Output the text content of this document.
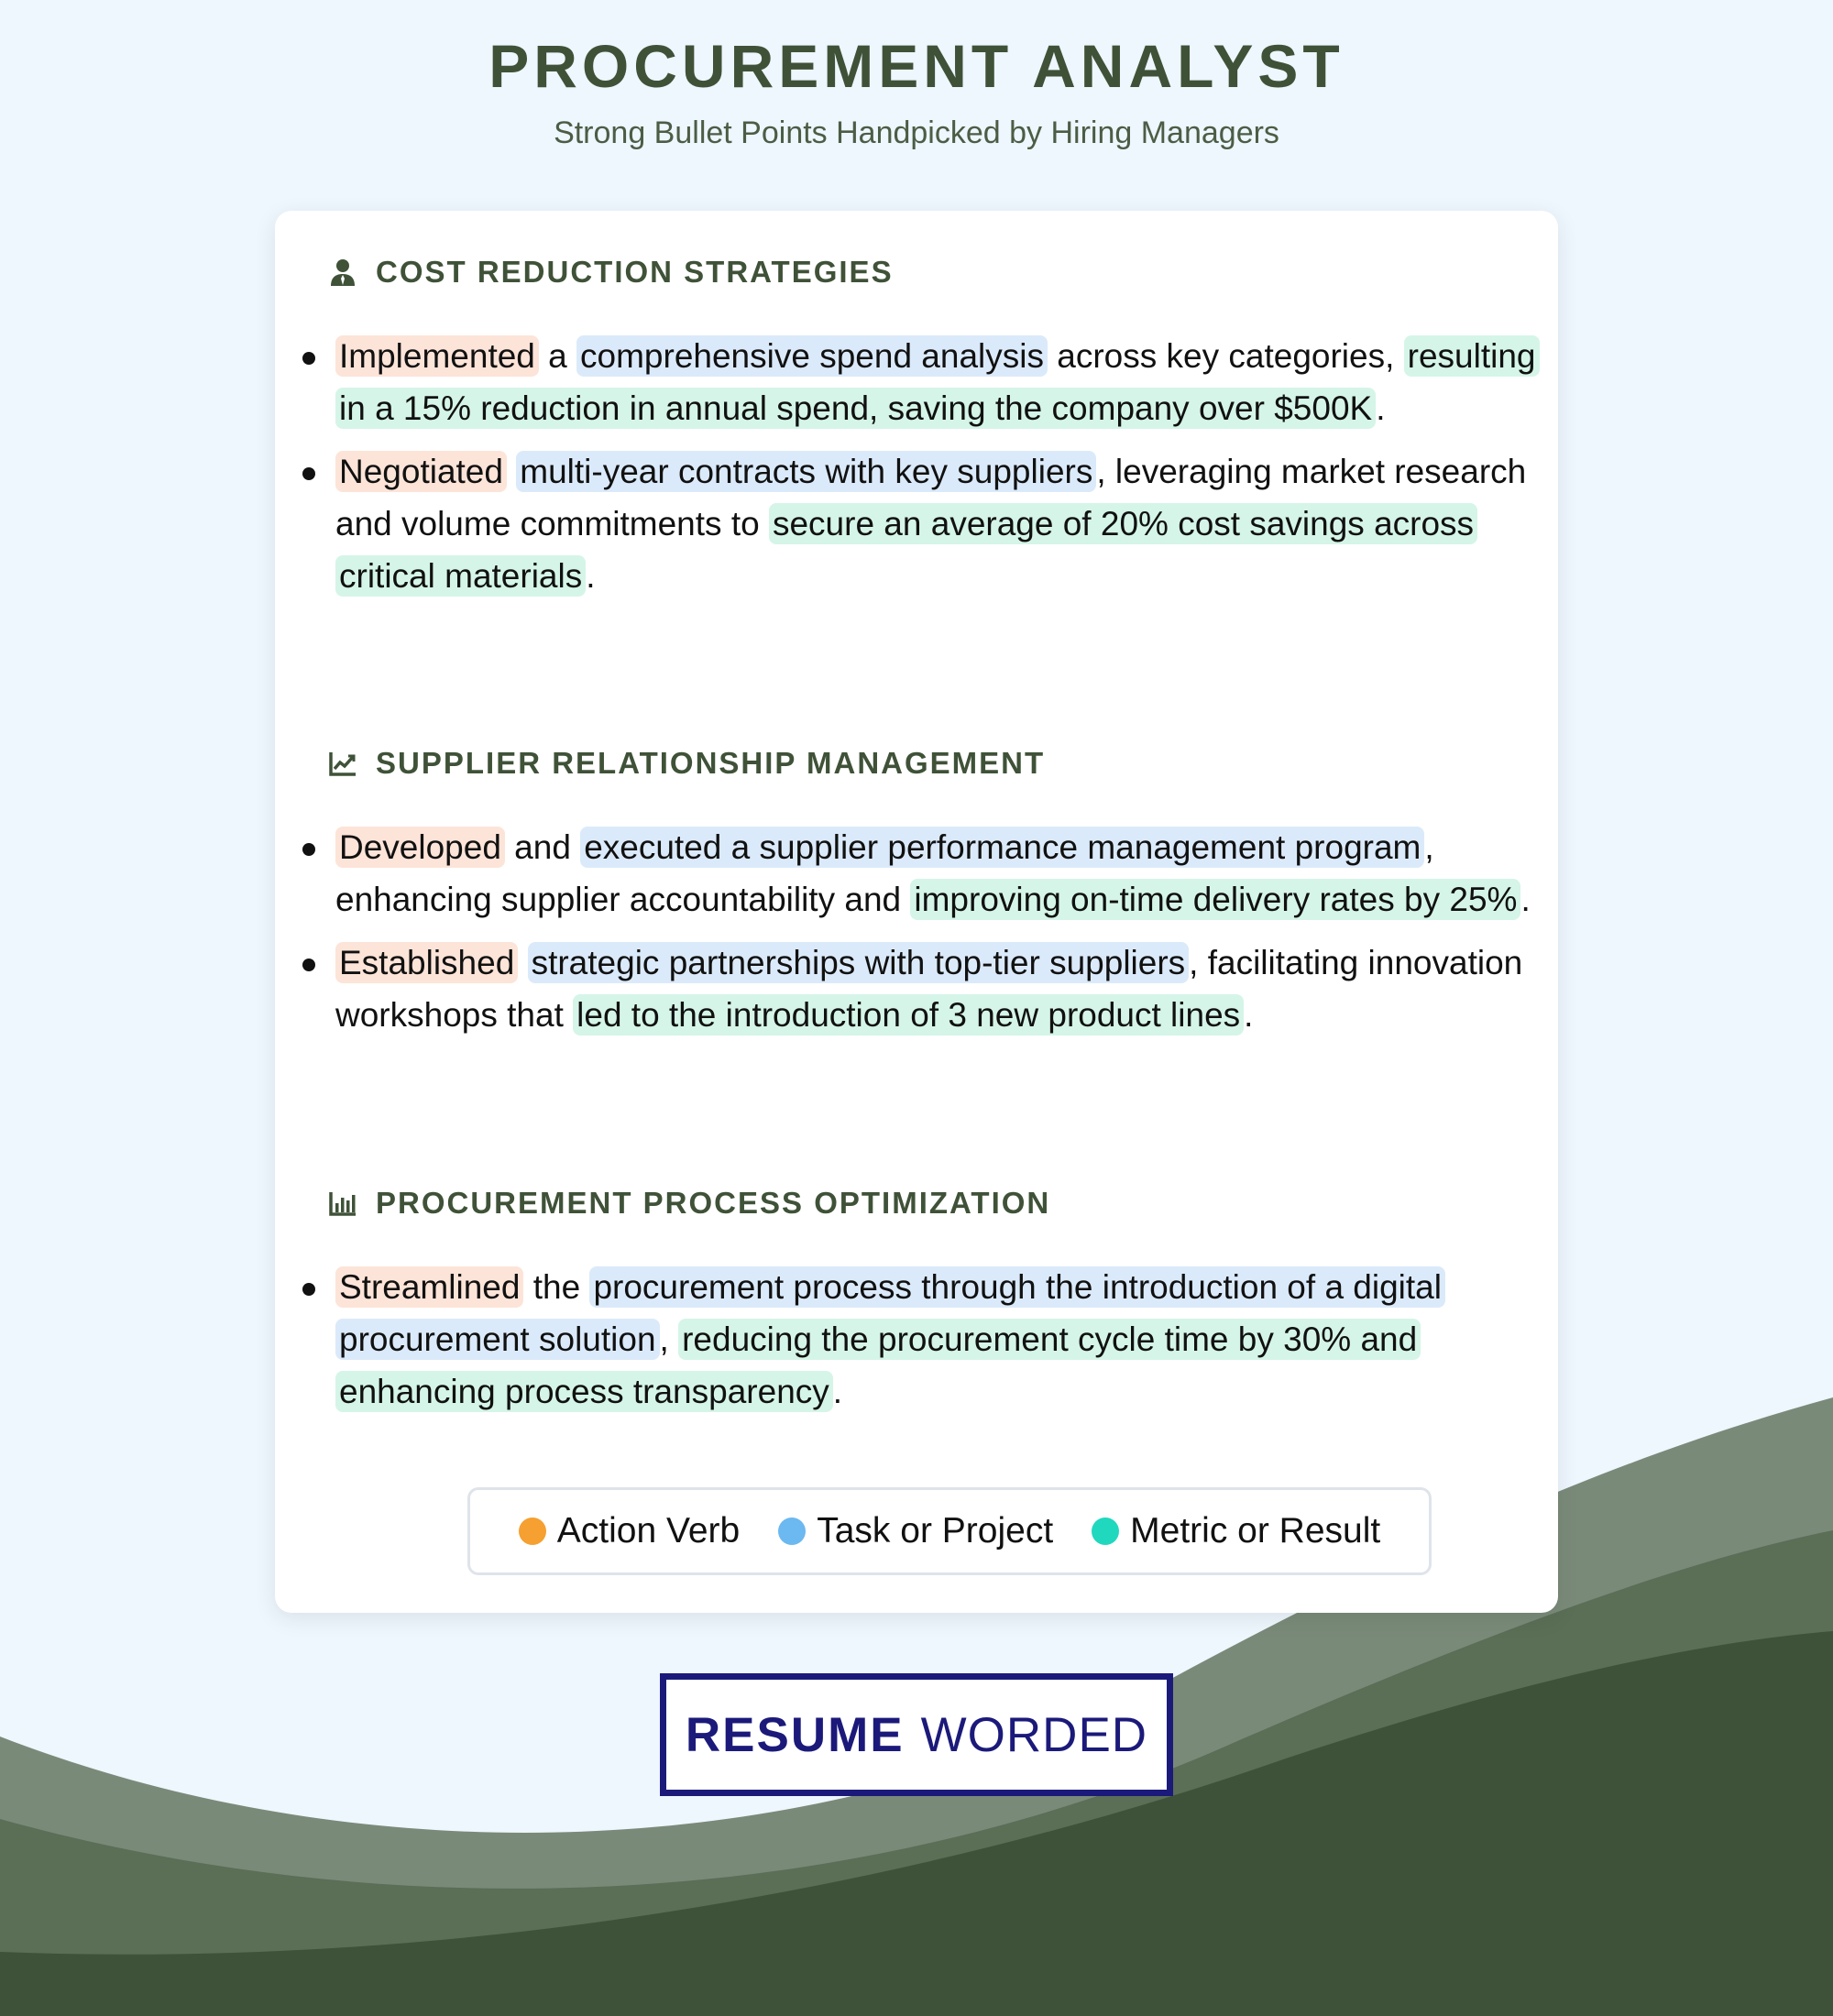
PROCUREMENT ANALYST
Strong Bullet Points Handpicked by Hiring Managers
COST REDUCTION STRATEGIES
Implemented a comprehensive spend analysis across key categories, resulting in a 15% reduction in annual spend, saving the company over $500K .
Negotiated multi-year contracts with key suppliers , leveraging market research and volume commitments to secure an average of 20% cost savings across critical materials .
SUPPLIER RELATIONSHIP MANAGEMENT
Developed and executed a supplier performance management program , enhancing supplier accountability and improving on-time delivery rates by 25% .
Established strategic partnerships with top-tier suppliers , facilitating innovation workshops that led to the introduction of 3 new product lines .
PROCUREMENT PROCESS OPTIMIZATION
Streamlined the procurement process through the introduction of a digital procurement solution , reducing the procurement cycle time by 30% and enhancing process transparency .
Action Verb Task or Project Metric or Result
RESUME WORDED
